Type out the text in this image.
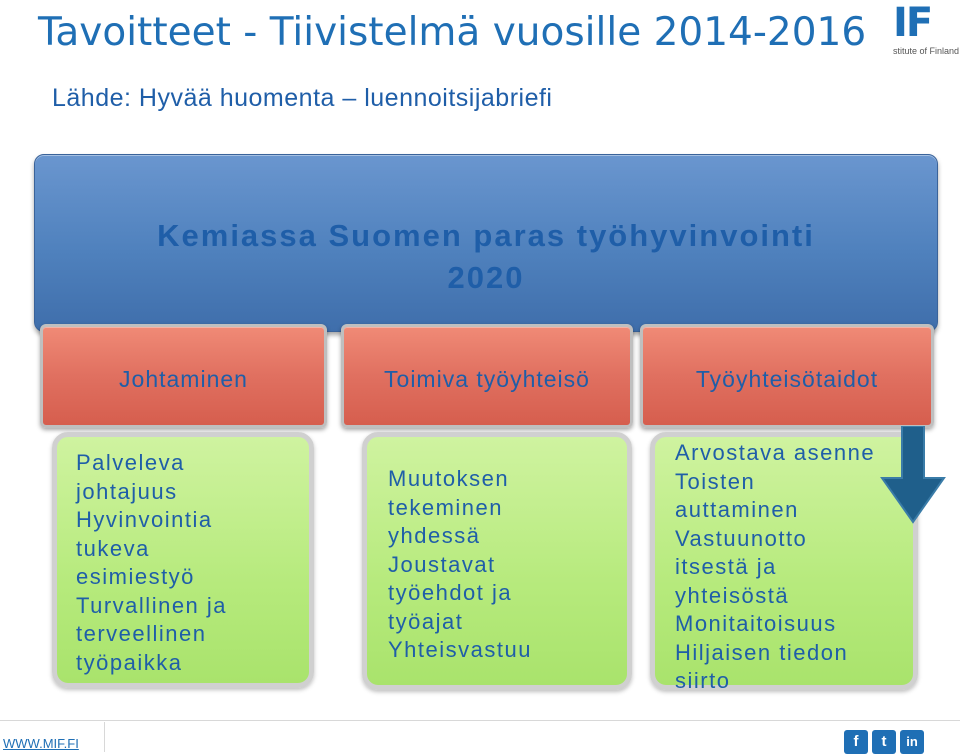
Tavoitteet - Tiivistelmä vuosille 2014-2016 IF
stitute of Finland
Lähde: Hyvää huomenta – luennoitsijabriefi
Kemiassa Suomen paras työhyvinvointi
2020
Johtaminen	Toimiva työyhteisö	Työyhteisötaidot
Palveleva
johtajuus
Hyvinvointia
tukeva
esimiestyö
Turvallinen ja
terveellinen
työpaikka
Muutoksen
tekeminen
yhdessä
Joustavat
työehdot ja
työajat
Yhteisvastuu
Arvostava asenne
Toisten
auttaminen
Vastuunotto
itsestä ja
yhteisöstä
Monitaitoisuus
Hiljaisen tiedon
siirto
WWW.MIF.FI	f	t	in
